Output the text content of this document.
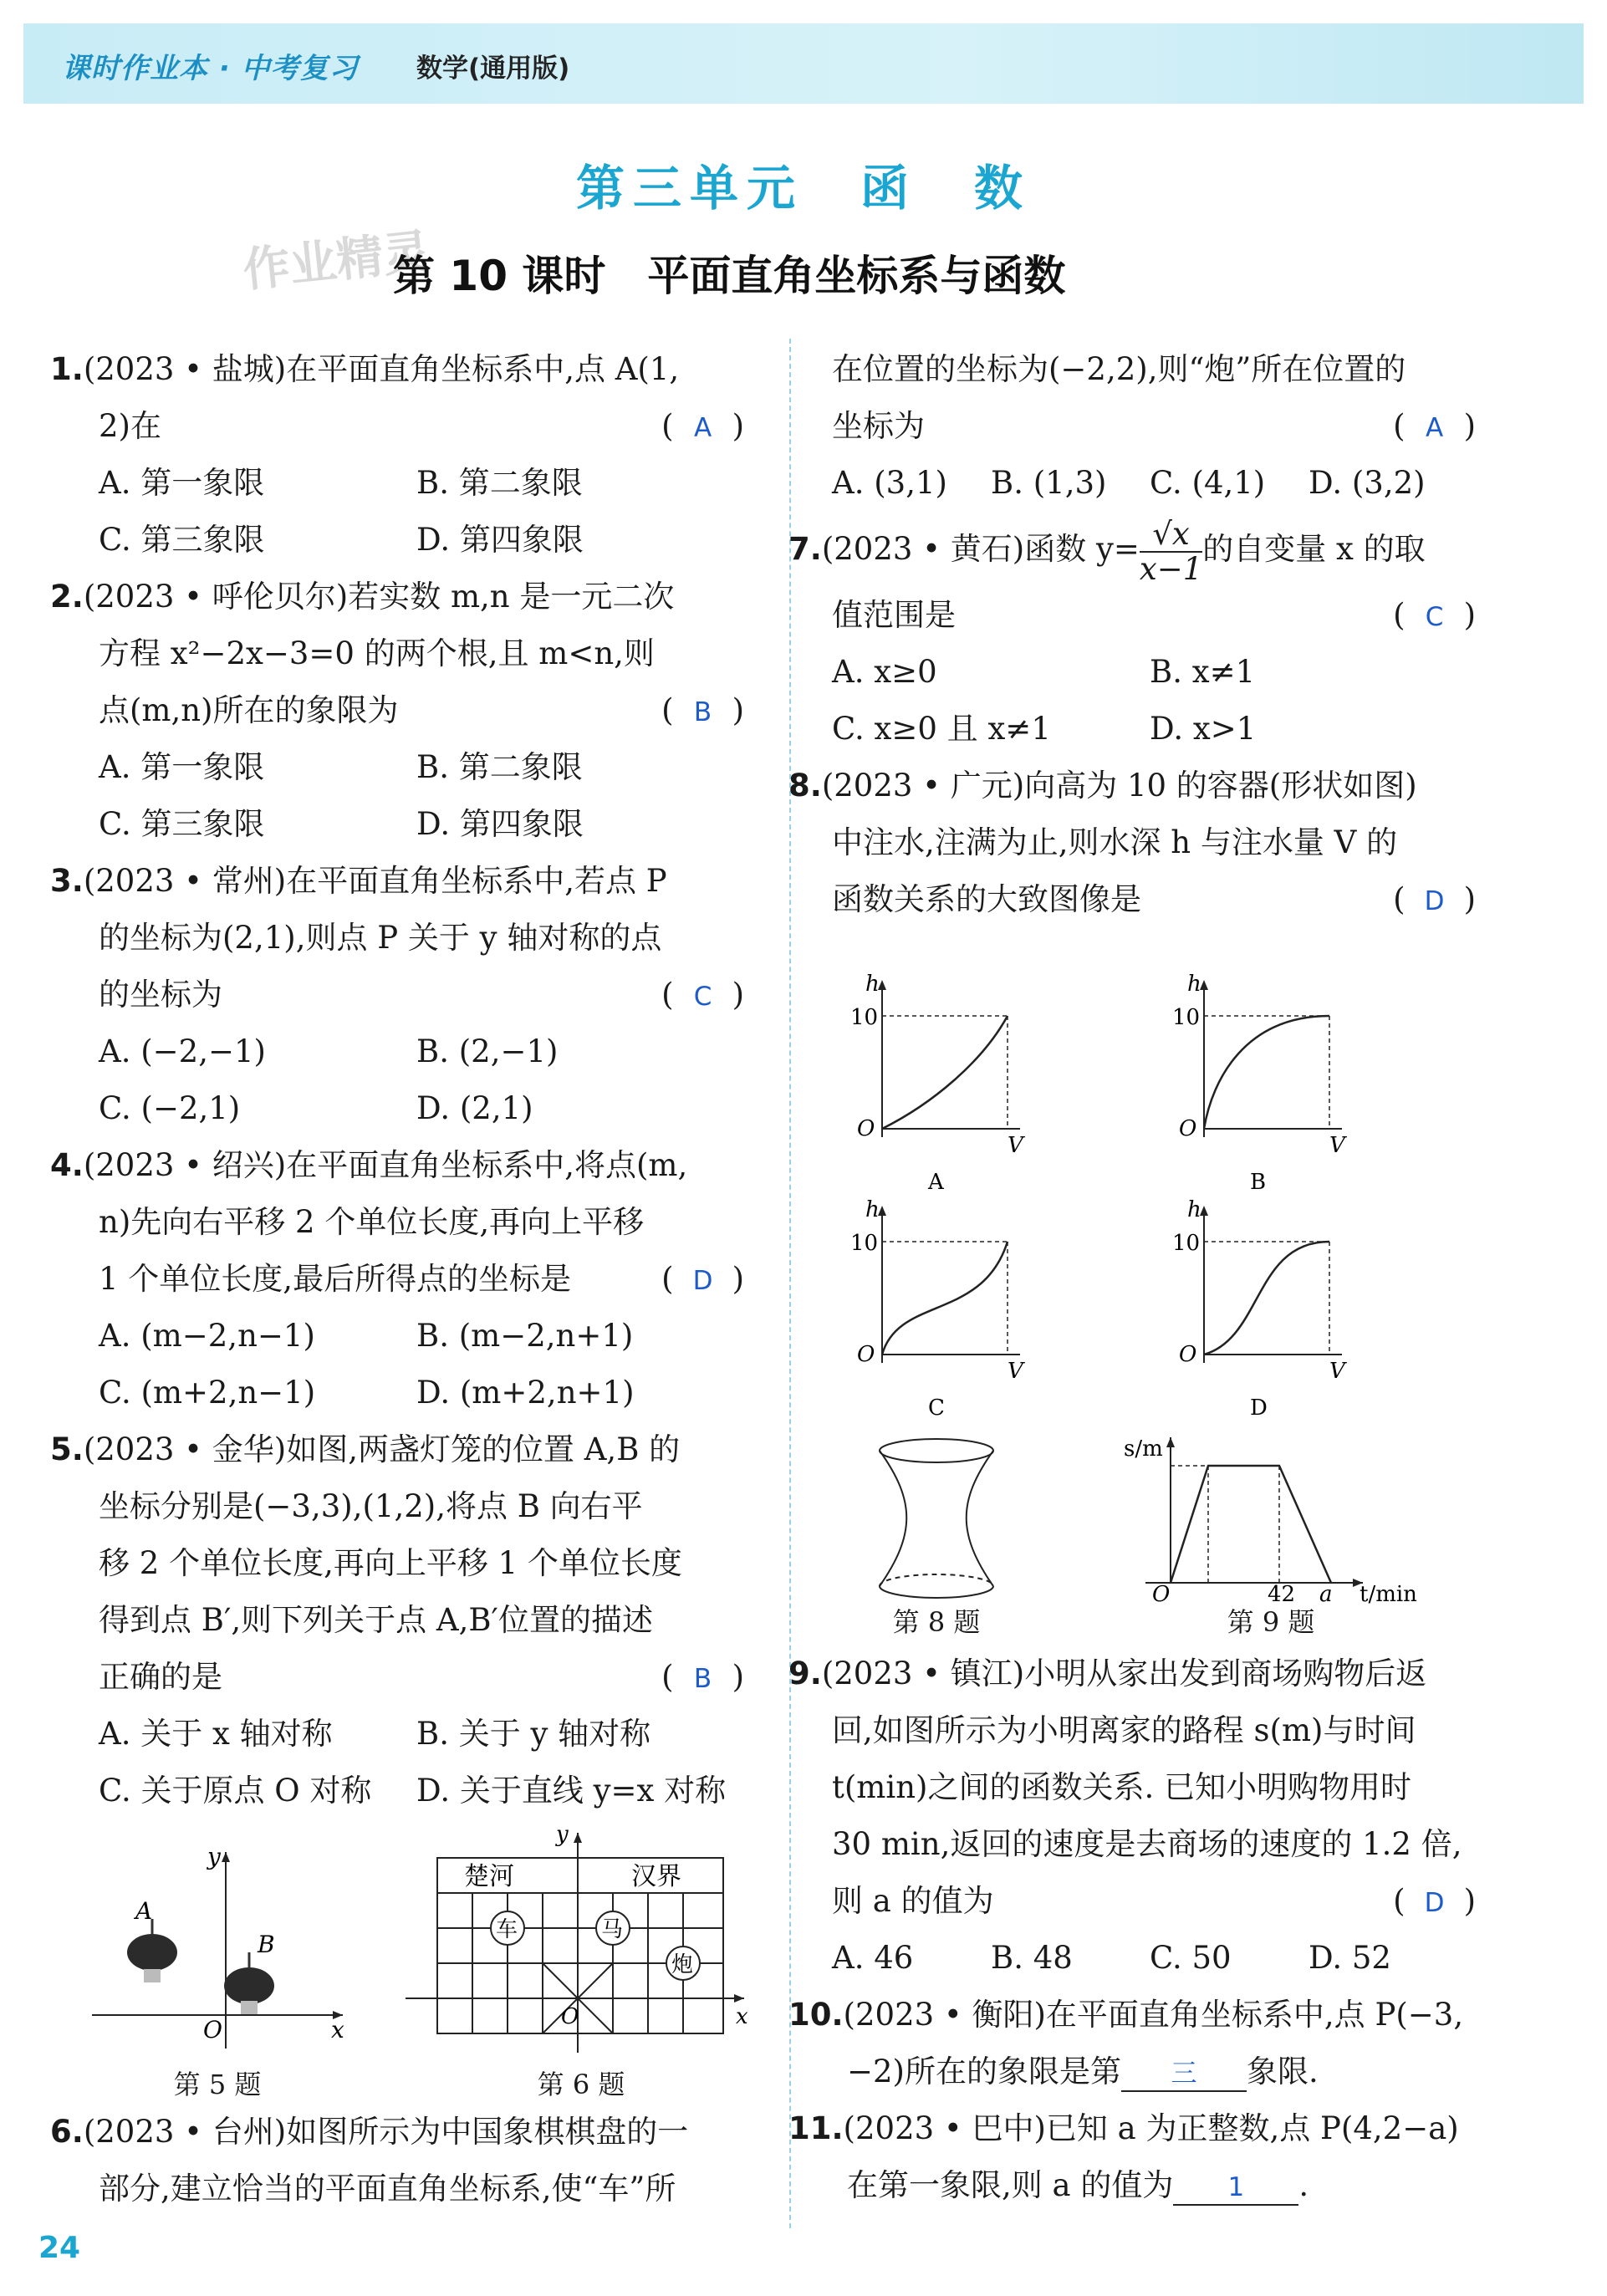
课时作业本 · 中考复习 数学(通用版)
第三单元　函　数
作业精灵
第 10 课时　平面直角坐标系与函数
1.(2023 • 盐城)在平面直角坐标系中,点 A(1,
2)在	( A )
A. 第一象限	B. 第二象限
C. 第三象限	D. 第四象限
2.(2023 • 呼伦贝尔)若实数 m,n 是一元二次
方程 x²−2x−3=0 的两个根,且 m<n,则
点(m,n)所在的象限为	( B )
A. 第一象限	B. 第二象限
C. 第三象限	D. 第四象限
3.(2023 • 常州)在平面直角坐标系中,若点 P
的坐标为(2,1),则点 P 关于 y 轴对称的点
的坐标为	( C )
A. (−2,−1)	B. (2,−1)
C. (−2,1)	D. (2,1)
4.(2023 • 绍兴)在平面直角坐标系中,将点(m,
n)先向右平移 2 个单位长度,再向上平移
1 个单位长度,最后所得点的坐标是	( D )
A. (m−2,n−1)	B. (m−2,n+1)
C. (m+2,n−1)	D. (m+2,n+1)
5.(2023 • 金华)如图,两盏灯笼的位置 A,B 的
坐标分别是(−3,3),(1,2),将点 B 向右平
移 2 个单位长度,再向上平移 1 个单位长度
得到点 B′,则下列关于点 A,B′位置的描述
正确的是	( B )
A. 关于 x 轴对称	B. 关于 y 轴对称
C. 关于原点 O 对称	D. 关于直线 y=x 对称
y
x
O
A
B
第 5 题
y
x
O
楚河	汉界
车	马
炮
第 6 题
6.(2023 • 台州)如图所示为中国象棋棋盘的一
部分,建立恰当的平面直角坐标系,使“车”所
在位置的坐标为(−2,2),则“炮”所在位置的
坐标为	( A )
A. (3,1)	B. (1,3)	C. (4,1)	D. (3,2)
7.(2023 • 黄石)函数 $y= \frac{√x}{x-1}$ 的自变量 x 的取
值范围是	( C )
A. x≥0	B. x≠1
C. x≥0 且 x≠1	D. x>1
8.(2023 • 广元)向高为 10 的容器(形状如图)
中注水,注满为止,则水深 h 与注水量 V 的
函数关系的大致图像是	( D )
h
10
O
V
A
h
10
O
V
B
h
10
O
V
C
h
10
O
V
D
第 8 题
s/m
O	42 a t/min
第 9 题
9.(2023 • 镇江)小明从家出发到商场购物后返
回,如图所示为小明离家的路程 s(m)与时间
t(min)之间的函数关系. 已知小明购物用时
30 min,返回的速度是去商场的速度的 1.2 倍,
则 a 的值为	( D )
A. 46	B. 48	C. 50	D. 52
10.(2023 • 衡阳)在平面直角坐标系中,点 P(−3,
−2)所在的象限是第 三 象限.
11.(2023 • 巴中)已知 a 为正整数,点 P(4,2−a)
在第一象限,则 a 的值为 1 .
24
